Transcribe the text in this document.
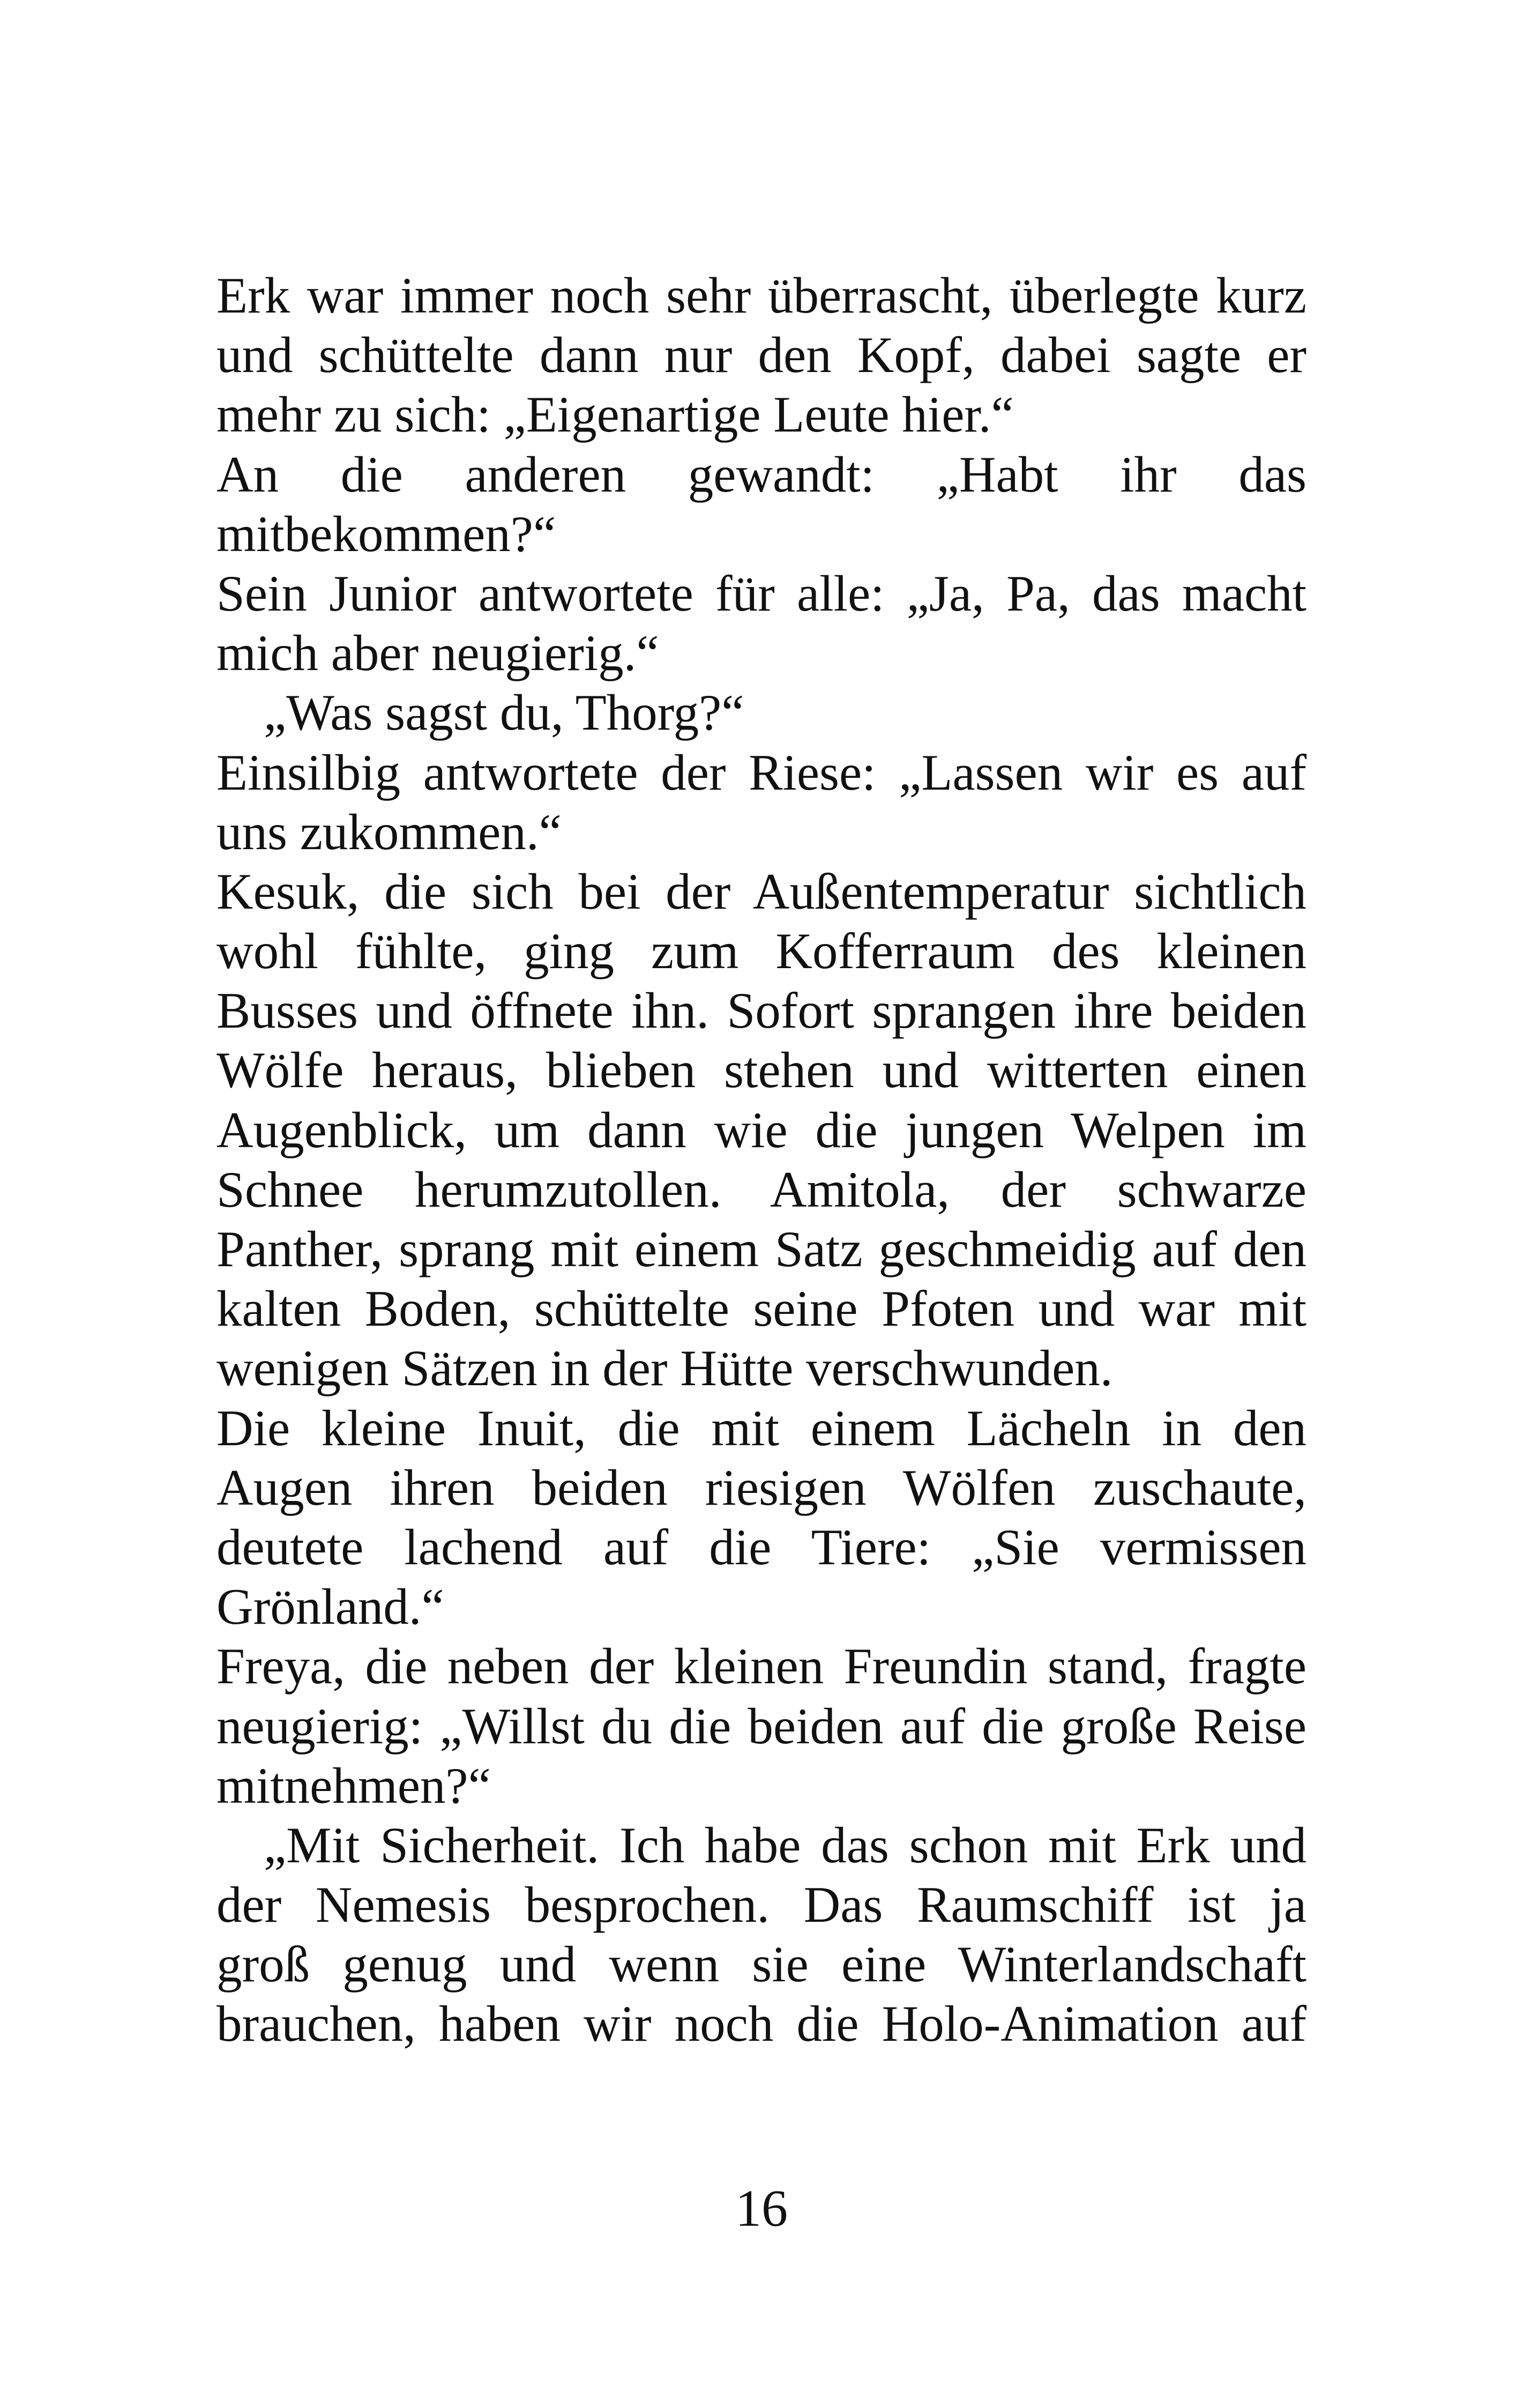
Erk war immer noch sehr überrascht, überlegte kurz
und schüttelte dann nur den Kopf, dabei sagte er
mehr zu sich: „Eigenartige Leute hier.“
An die anderen gewandt: „Habt ihr das
mitbekommen?“
Sein Junior antwortete für alle: „Ja, Pa, das macht
mich aber neugierig.“
„Was sagst du, Thorg?“
Einsilbig antwortete der Riese: „Lassen wir es auf
uns zukommen.“
Kesuk, die sich bei der Außentemperatur sichtlich
wohl fühlte, ging zum Kofferraum des kleinen
Busses und öffnete ihn. Sofort sprangen ihre beiden
Wölfe heraus, blieben stehen und witterten einen
Augenblick, um dann wie die jungen Welpen im
Schnee herumzutollen. Amitola, der schwarze
Panther, sprang mit einem Satz geschmeidig auf den
kalten Boden, schüttelte seine Pfoten und war mit
wenigen Sätzen in der Hütte verschwunden.
Die kleine Inuit, die mit einem Lächeln in den
Augen ihren beiden riesigen Wölfen zuschaute,
deutete lachend auf die Tiere: „Sie vermissen
Grönland.“
Freya, die neben der kleinen Freundin stand, fragte
neugierig: „Willst du die beiden auf die große Reise
mitnehmen?“
„Mit Sicherheit. Ich habe das schon mit Erk und
der Nemesis besprochen. Das Raumschiff ist ja
groß genug und wenn sie eine Winterlandschaft
brauchen, haben wir noch die Holo-Animation auf
16
